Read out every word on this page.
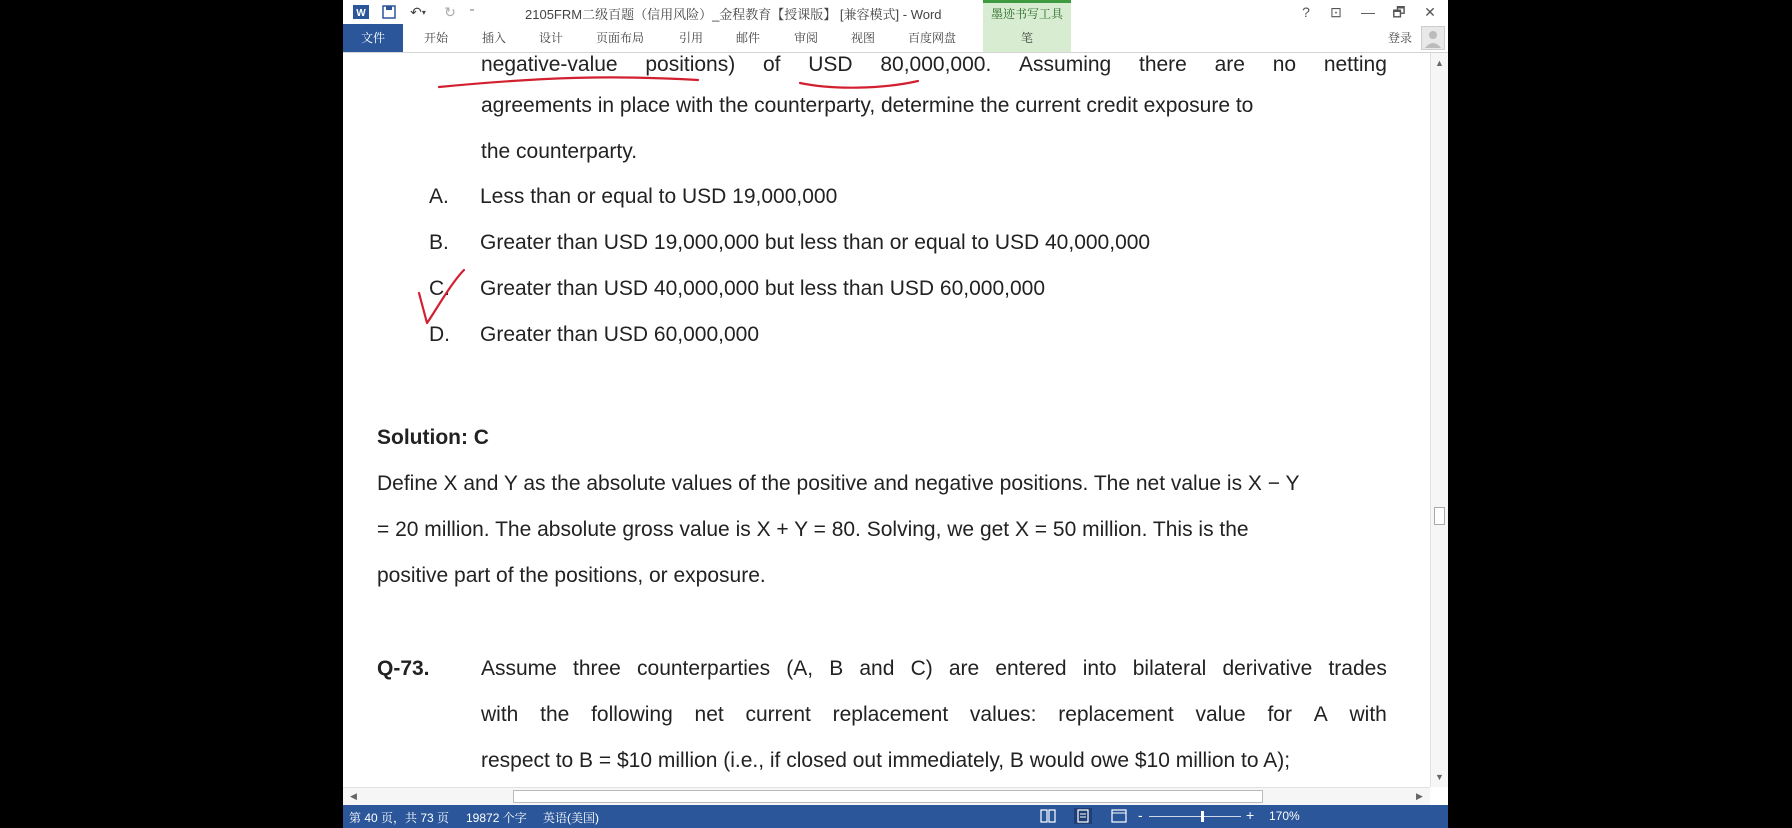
W	↶ ▾ ↻	⁼	2105FRM二级百题（信用风险）_金程教育【授课版】 [兼容模式] - Word	墨迹书写工具	?	⊡	—	🗗	✕
文件	开始	插入	设计	页面布局	引用	邮件	审阅	视图	百度网盘	笔	登录
negative-value positions) of USD 80,000,000. Assuming there are no netting
agreements in place with the counterparty, determine the current credit exposure to
the counterparty.
A. Less than or equal to USD 19,000,000
B. Greater than USD 19,000,000 but less than or equal to USD 40,000,000
C. Greater than USD 40,000,000 but less than USD 60,000,000
D. Greater than USD 60,000,000
Solution: C
Define X and Y as the absolute values of the positive and negative positions. The net value is X − Y
= 20 million. The absolute gross value is X + Y = 80. Solving, we get X = 50 million. This is the
positive part of the positions, or exposure.
Q-73. Assume three counterparties (A, B and C) are entered into bilateral derivative trades
with the following net current replacement values: replacement value for A with
respect to B = $10 million (i.e., if closed out immediately, B would owe $10 million to A);
▲
▼
◀	▶
第 40 页，共 73 页 19872 个字 英语(美国)	-	+ 170%
